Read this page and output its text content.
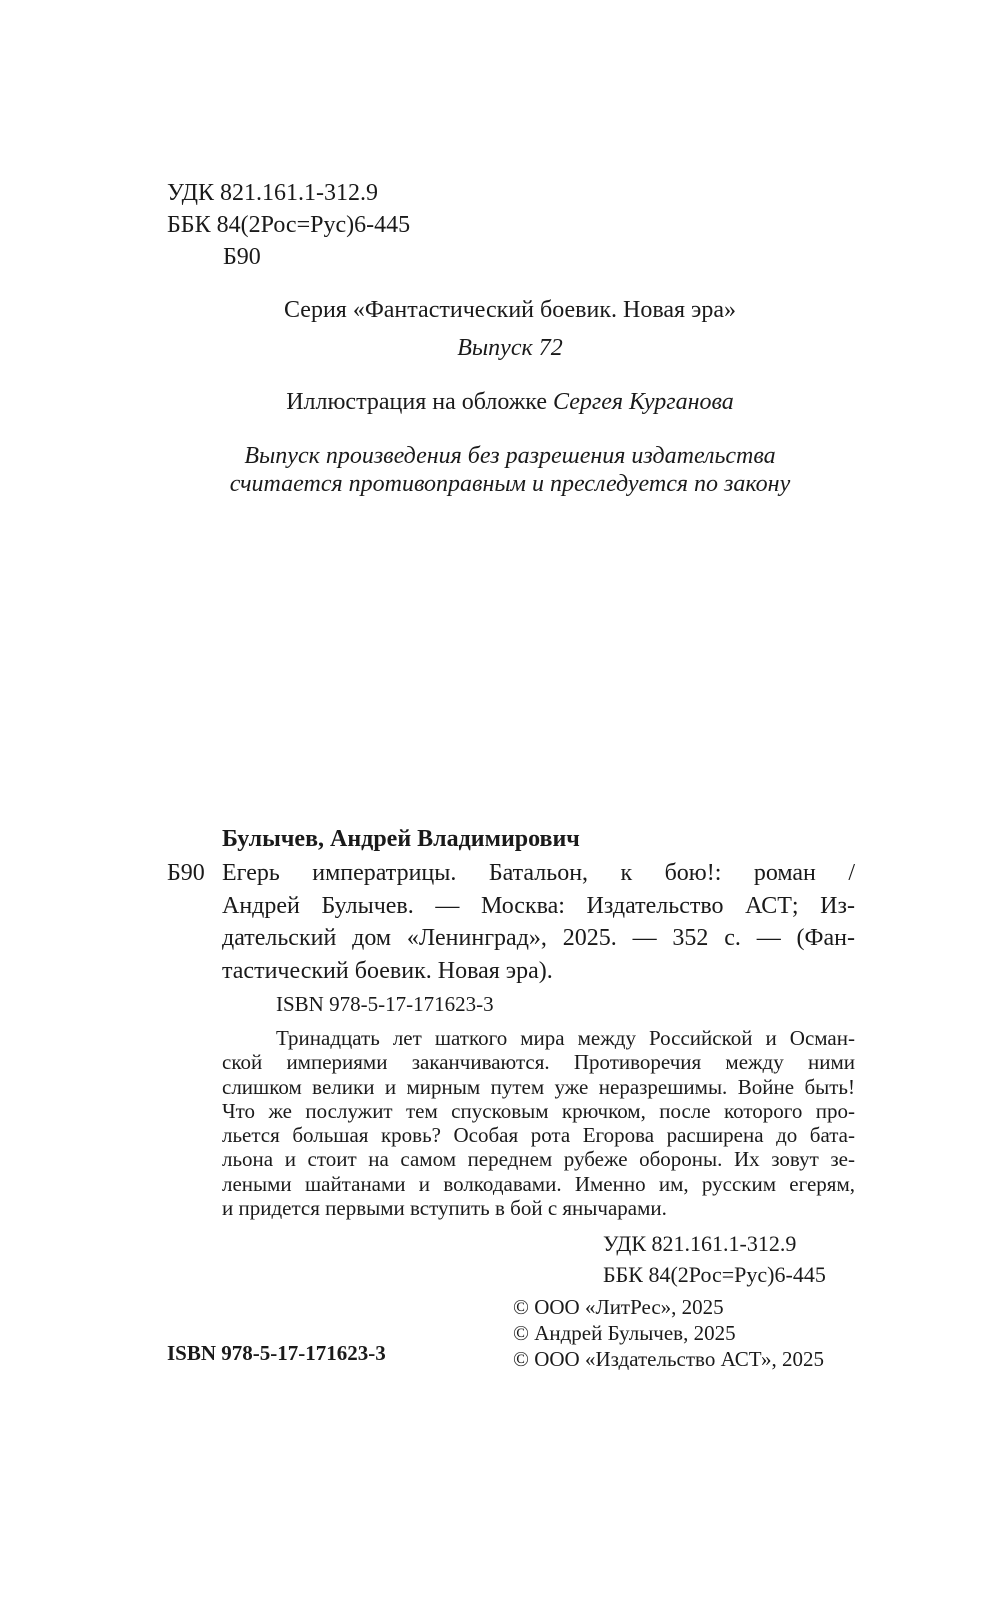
УДК 821.161.1-312.9
ББК 84(2Рос=Рус)6-445
Б90
Серия «Фантастический боевик. Новая эра»
Выпуск 72
Иллюстрация на обложке Сергея Курганова
Выпуск произведения без разрешения издательства
считается противоправным и преследуется по закону
Булычев, Андрей Владимирович
Б90 Егерь императрицы. Батальон, к бою!: роман /
Андрей Булычев. — Москва: Издательство АСТ; Из-
дательский дом «Ленинград», 2025. — 352 с. — (Фан-
тастический боевик. Новая эра).
ISBN 978-5-17-171623-3
Тринадцать лет шаткого мира между Российской и Осман-
ской империями заканчиваются. Противоречия между ними
слишком велики и мирным путем уже неразрешимы. Войне быть!
Что же послужит тем спусковым крючком, после которого про-
льется большая кровь? Особая рота Егорова расширена до бата-
льона и стоит на самом переднем рубеже обороны. Их зовут зе-
леными шайтанами и волкодавами. Именно им, русским егерям,
и придется первыми вступить в бой с янычарами.
УДК 821.161.1-312.9
ББК 84(2Рос=Рус)6-445
© ООО «ЛитРес», 2025
© Андрей Булычев, 2025
© ООО «Издательство АСТ», 2025
ISBN 978-5-17-171623-3
